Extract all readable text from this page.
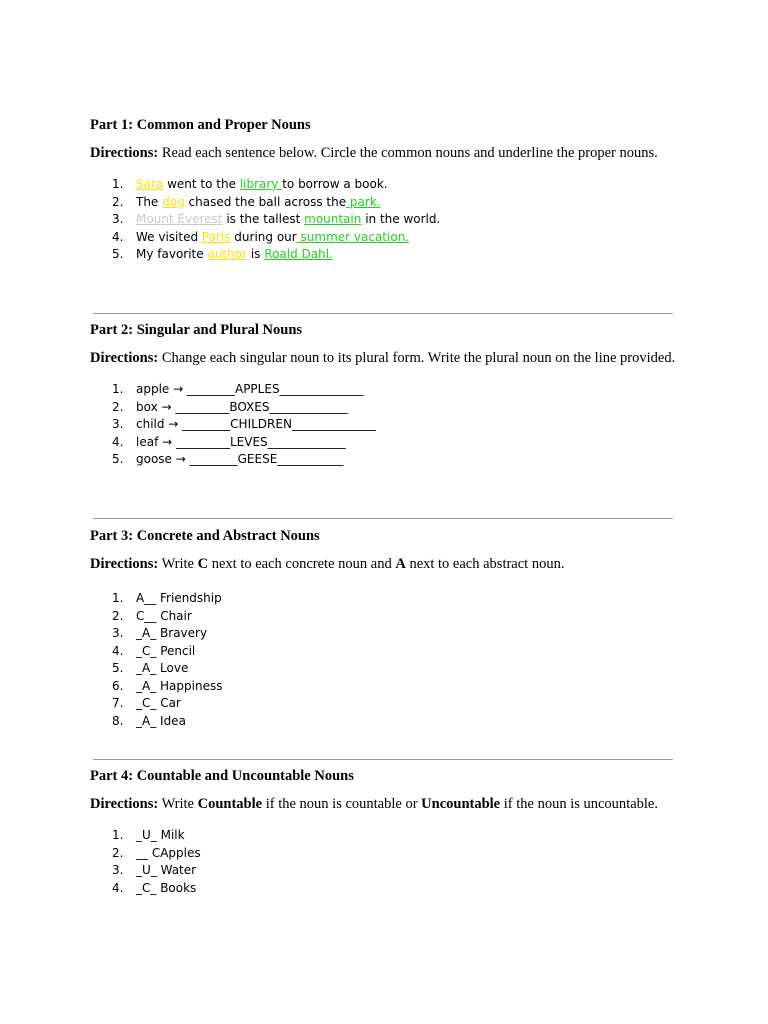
Part 1: Common and Proper Nouns

Directions: Read each sentence below. Circle the common nouns and underline the proper nouns.

1. Sara went to the library to borrow a book.
2. The dog chased the ball across the park.
3. Mount Everest is the tallest mountain in the world.
4. We visited Paris during our summer vacation.
5. My favorite author is Roald Dahl.
Part 2: Singular and Plural Nouns

Directions: Change each singular noun to its plural form. Write the plural noun on the line provided.

1. apple → ________APPLES______________
2. box → _________BOXES_____________
3. child → ________CHILDREN______________
4. leaf → _________LEVES_____________
5. goose → ________GEESE___________
Part 3: Concrete and Abstract Nouns

Directions: Write C next to each concrete noun and A next to each abstract noun.

1. A__ Friendship
2. C__ Chair
3. _A_ Bravery
4. _C_ Pencil
5. _A_ Love
6. _A_ Happiness
7. _C_ Car
8. _A_ Idea
Part 4: Countable and Uncountable Nouns

Directions: Write Countable if the noun is countable or Uncountable if the noun is uncountable.

1. _U_ Milk
2. __ CApples
3. _U_ Water
4. _C_ Books
